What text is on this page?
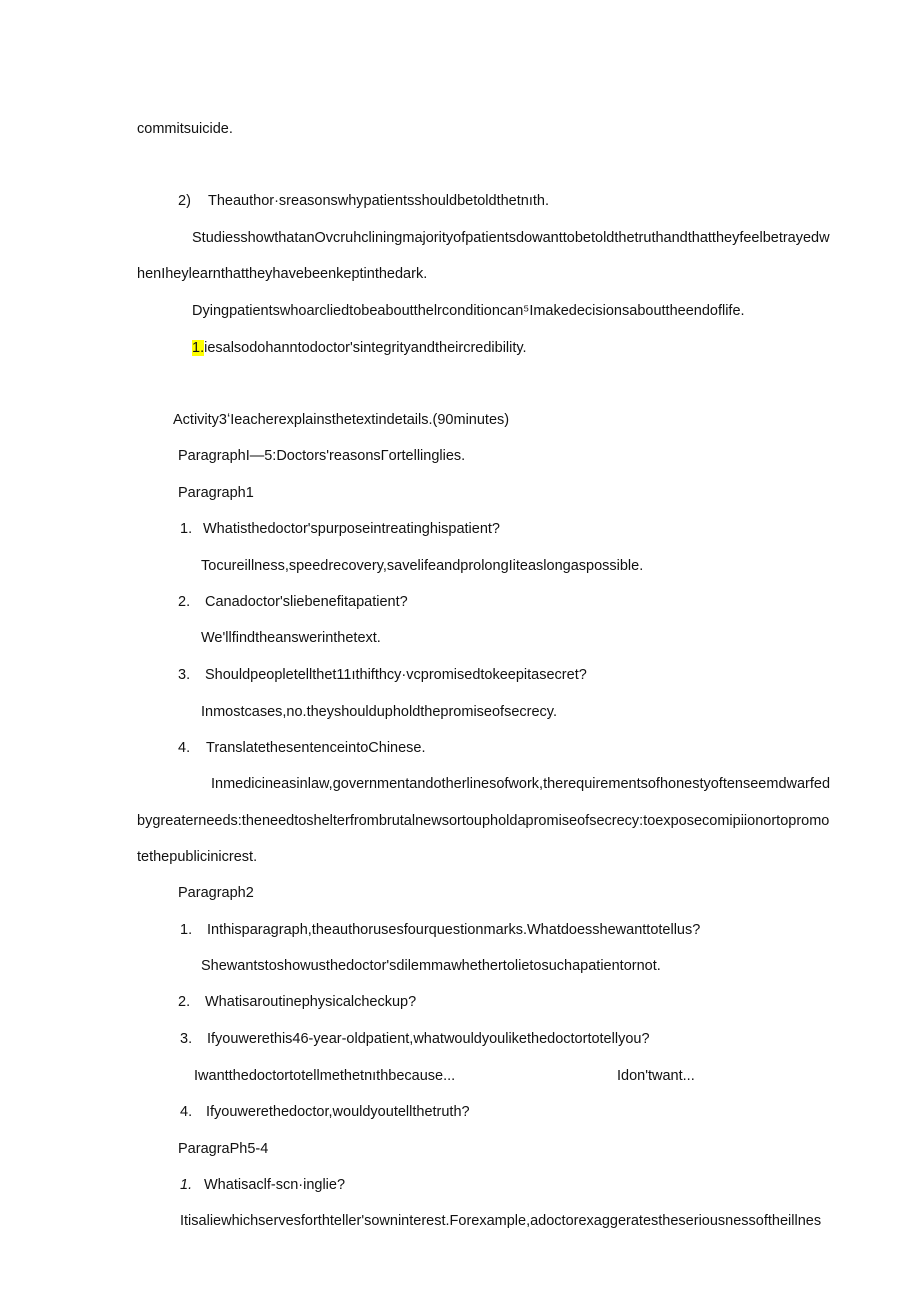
commitsuicide.
2) Theauthor·sreasonswhypatientsshouldbetoldthetnıth.
StudiesshowthatanOvcruhcliningmajorityofpatientsdowanttobetoldthetruthandthattheyfeelbetrayedw
henIheylearnthattheyhavebeenkeptinthedark.
Dyingpatientswhoarcliedtobeaboutthelrconditioncan⁵Imakedecisionsabouttheendoflife.
1.iesalsodohanntodoctor'sintegrityandtheircredibility.
Activity3ʻIeacherexplainsthetextindetails.(90minutes)
ParagraphI—5:Doctors'reasonsΓortellinglies.
Paragraph1
1. Whatisthedoctor'spurposeintreatinghispatient?
Tocureillness,speedrecovery,savelifeandprolongIiteaslongaspossible.
2. Canadoctor'sliebenefitapatient?
We'llfindtheanswerinthetext.
3. Shouldpeopletellthet11ıthifthcy·vcpromisedtokeepitasecret?
Inmostcases,no.theyshouldupholdthepromiseofsecrecy.
4. TranslatethesentenceintoChinese.
Inmedicineasinlaw,governmentandotherlinesofwork,therequirementsofhonestyoftenseemdwarfed
bygreaterneeds:theneedtoshelterfrombrutalnewsortoupholdapromiseofsecrecy:toexposecomipiionortopromo
tethepublicinicrest.
Paragraph2
1. Inthisparagraph,theauthorusesfourquestionmarks.Whatdoesshewanttotellus?
Shewantstoshowusthedoctor'sdilemmawhethertolietosuchapatientornot.
2. Whatisaroutinephysicalcheckup?
3. Ifyouwerethis46-year-oldpatient,whatwouldyoulikethedoctortotellyou?
Iwantthedoctortotellmethetnıthbecause...	Idon'twant...
4. Ifyouwerethedoctor,wouldyoutellthetruth?
ParagraPh5-4
1. Whatisaclf-scn·inglie?
Itisaliewhichservesforthteller'sowninterest.Forexample,adoctorexaggeratestheseriousnessoftheillnes
